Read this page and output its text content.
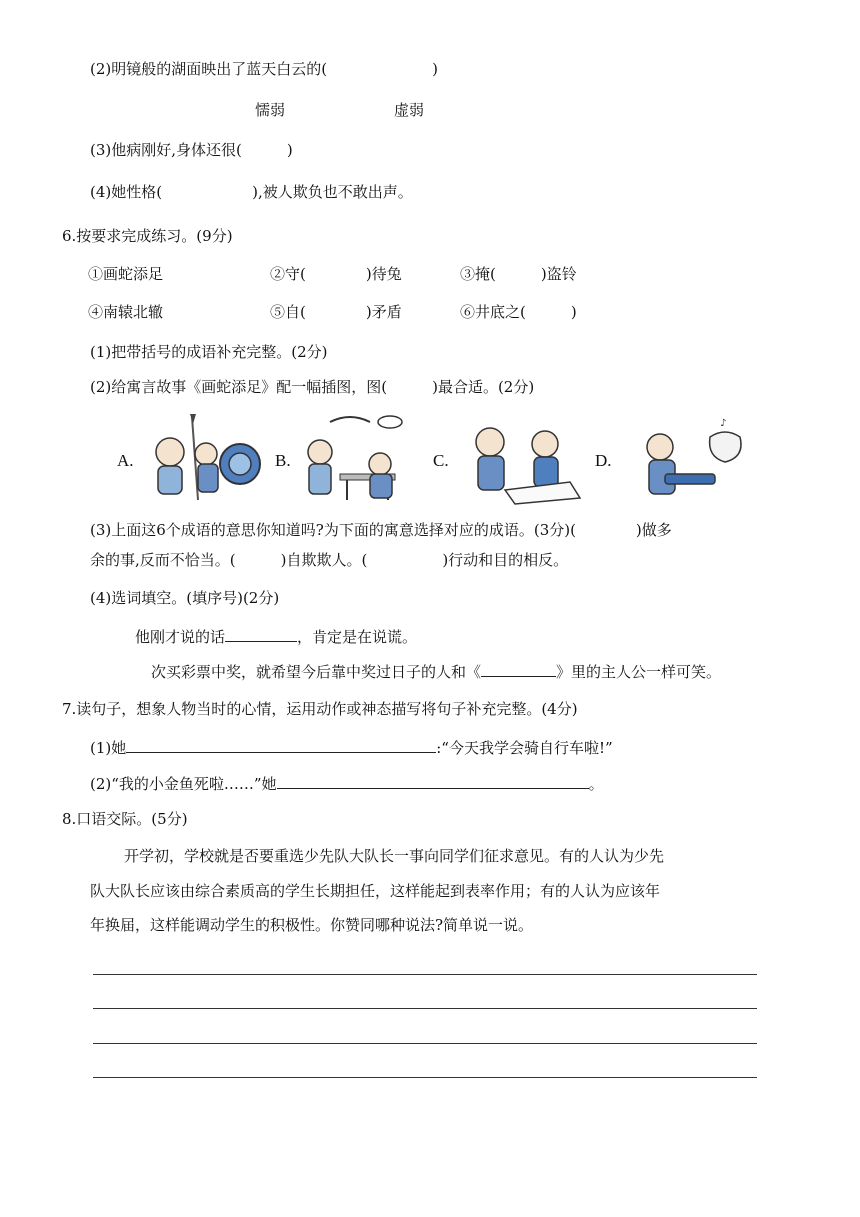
(2)明镜般的湖面映出了蓝天白云的(　　　　　　　)
懦弱	虚弱
(3)他病刚好,身体还很(　　　)
(4)她性格(　　　　　　),被人欺负也不敢出声。
6.按要求完成练习。(9分)
①画蛇添足	②守(　　　　)待兔	③掩(　　　)盗铃
④南辕北辙	⑤自(　　　　)矛盾	⑥井底之(　　　)
(1)把带括号的成语补充完整。(2分)
(2)给寓言故事《画蛇添足》配一幅插图，图(　　　)最合适。(2分)
A.	B.	C.	D.
♪
(3)上面这6个成语的意思你知道吗?为下面的寓意选择对应的成语。(3分)(　　　　)做多
余的事,反而不恰当。(　　　)自欺欺人。(　　　　　)行动和目的相反。
(4)选词填空。(填序号)(2分)
他刚才说的话	，肯定是在说谎。
次买彩票中奖，就希望今后靠中奖过日子的人和《	》里的主人公一样可笑。
7.读句子，想象人物当时的心情，运用动作或神态描写将句子补充完整。(4分)
(1)她	:“今天我学会骑自行车啦!”
(2)“我的小金鱼死啦……”她	。
8.口语交际。(5分)
开学初，学校就是否要重选少先队大队长一事向同学们征求意见。有的人认为少先
队大队长应该由综合素质高的学生长期担任，这样能起到表率作用；有的人认为应该年
年换届，这样能调动学生的积极性。你赞同哪种说法?简单说一说。
